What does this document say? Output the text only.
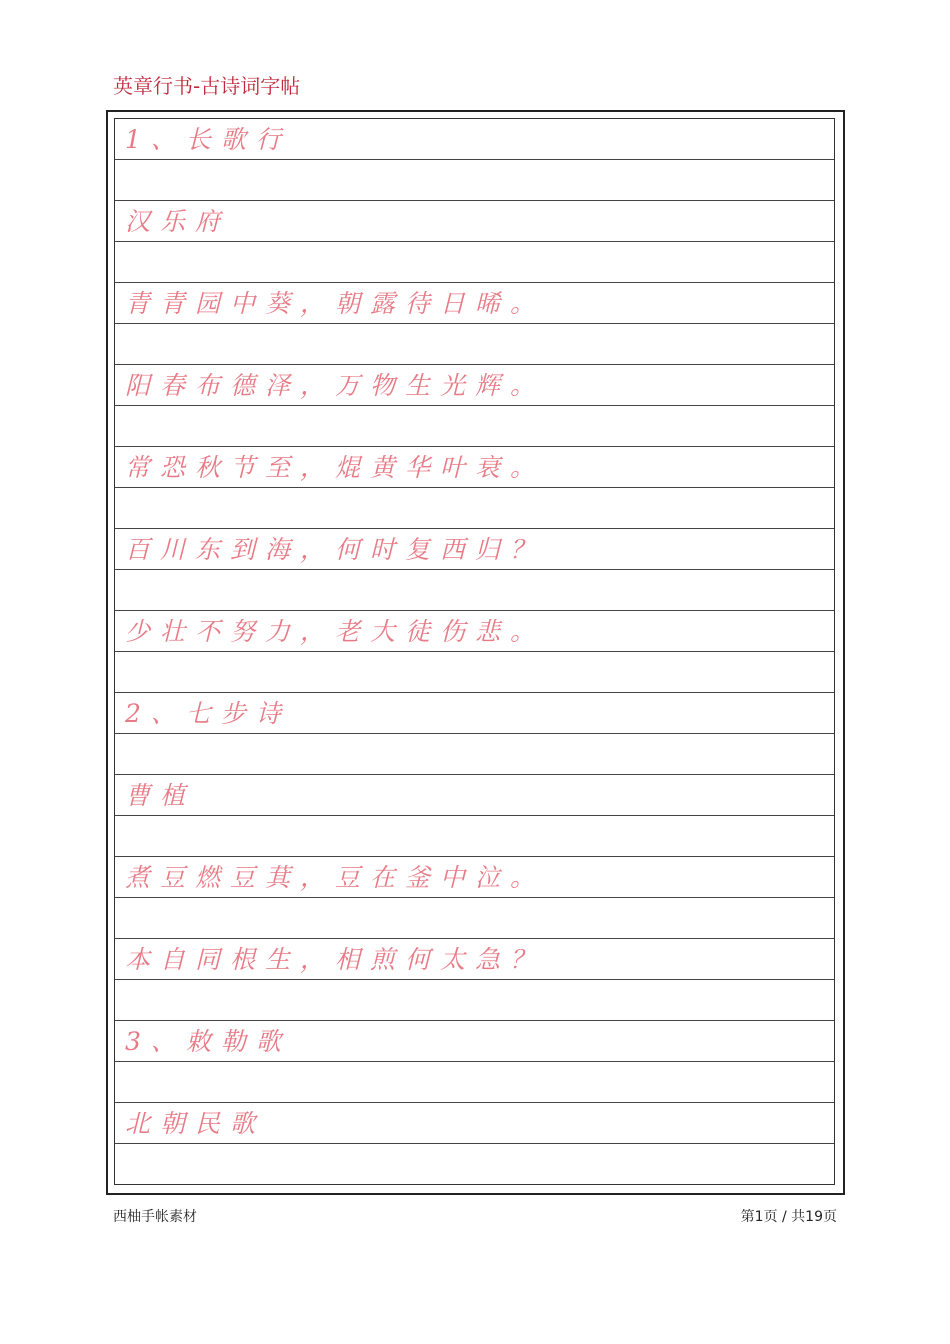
英章行书-古诗词字帖
1、长歌行
汉乐府
青青园中葵，朝露待日晞。
阳春布德泽，万物生光辉。
常恐秋节至，焜黄华叶衰。
百川东到海，何时复西归？
少壮不努力，老大徒伤悲。
2、七步诗
曹植
煮豆燃豆萁，豆在釜中泣。
本自同根生，相煎何太急？
3、敕勒歌
北朝民歌
西柚手帐素材	第1页 / 共19页
